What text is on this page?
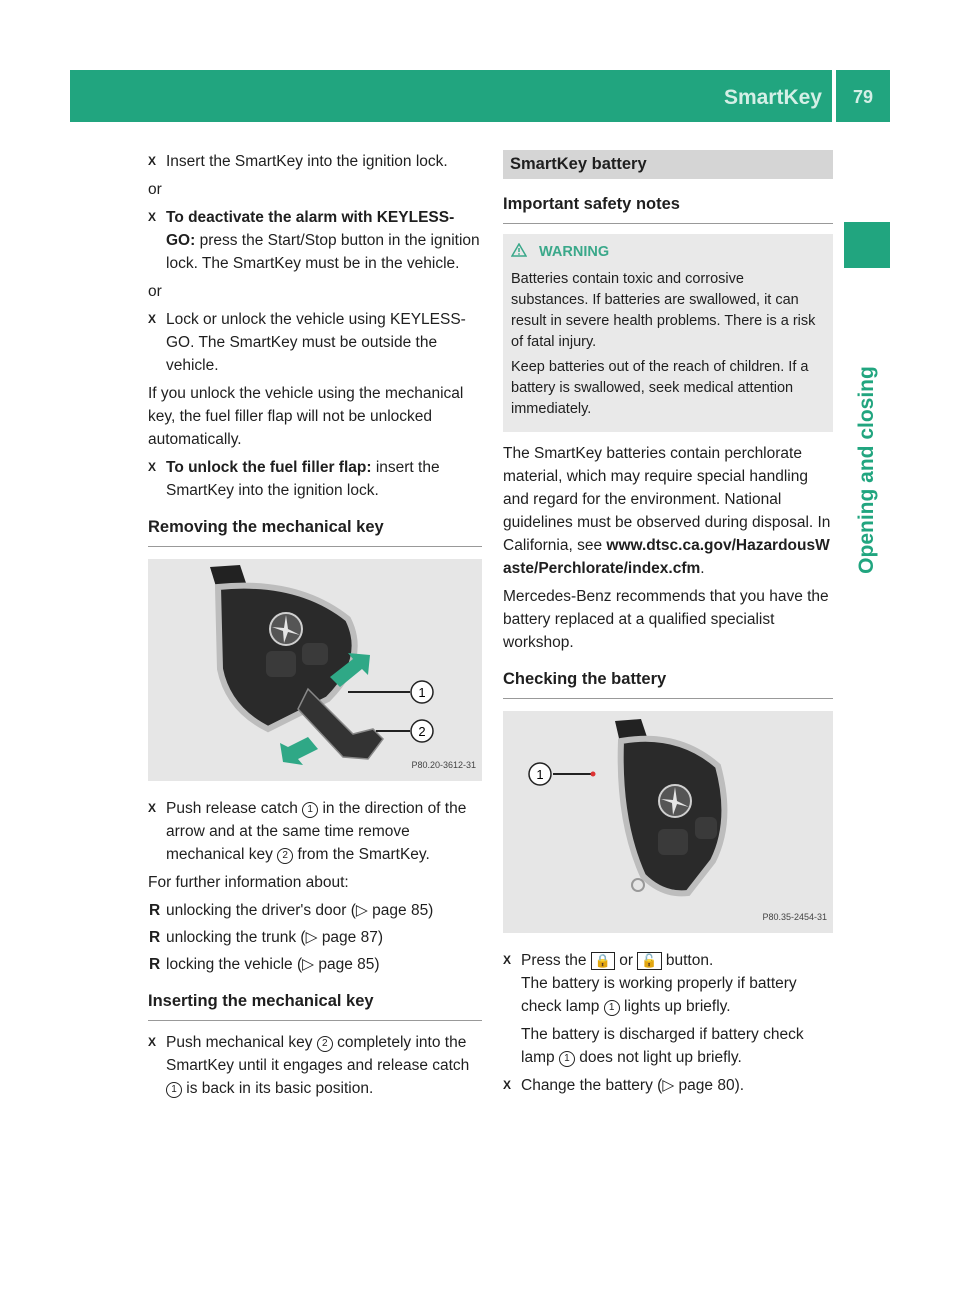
SmartKey	79
Opening and closing
X Insert the SmartKey into the ignition lock.

or

X To deactivate the alarm with KEYLESS-GO: press the Start/Stop button in the ignition lock. The SmartKey must be in the vehicle.

or

X Lock or unlock the vehicle using KEYLESS-GO. The SmartKey must be outside the vehicle.

If you unlock the vehicle using the mechanical key, the fuel filler flap will not be unlocked automatically.

X To unlock the fuel filler flap: insert the SmartKey into the ignition lock.
Removing the mechanical key
1
2
P80.20-3612-31
X Push release catch 1 in the direction of the arrow and at the same time remove mechanical key 2 from the SmartKey.

For further information about:

R unlocking the driver's door (▷ page 85)
R unlocking the trunk (▷ page 87)
R locking the vehicle (▷ page 85)
Inserting the mechanical key
X Push mechanical key 2 completely into the SmartKey until it engages and release catch 1 is back in its basic position.
SmartKey battery
Important safety notes
WARNING

Batteries contain toxic and corrosive substances. If batteries are swallowed, it can result in severe health problems. There is a risk of fatal injury.

Keep batteries out of the reach of children. If a battery is swallowed, seek medical attention immediately.

The SmartKey batteries contain perchlorate material, which may require special handling and regard for the environment. National guidelines must be observed during disposal. In California, see www.dtsc.ca.gov/HazardousWaste/Perchlorate/index.cfm.

Mercedes-Benz recommends that you have the battery replaced at a qualified specialist workshop.

Checking the battery
1
P80.35-2454-31
X Press the 🔒 or 🔓 button.
The battery is working properly if battery check lamp 1 lights up briefly.
The battery is discharged if battery check lamp 1 does not light up briefly.
X Change the battery (▷ page 80).
